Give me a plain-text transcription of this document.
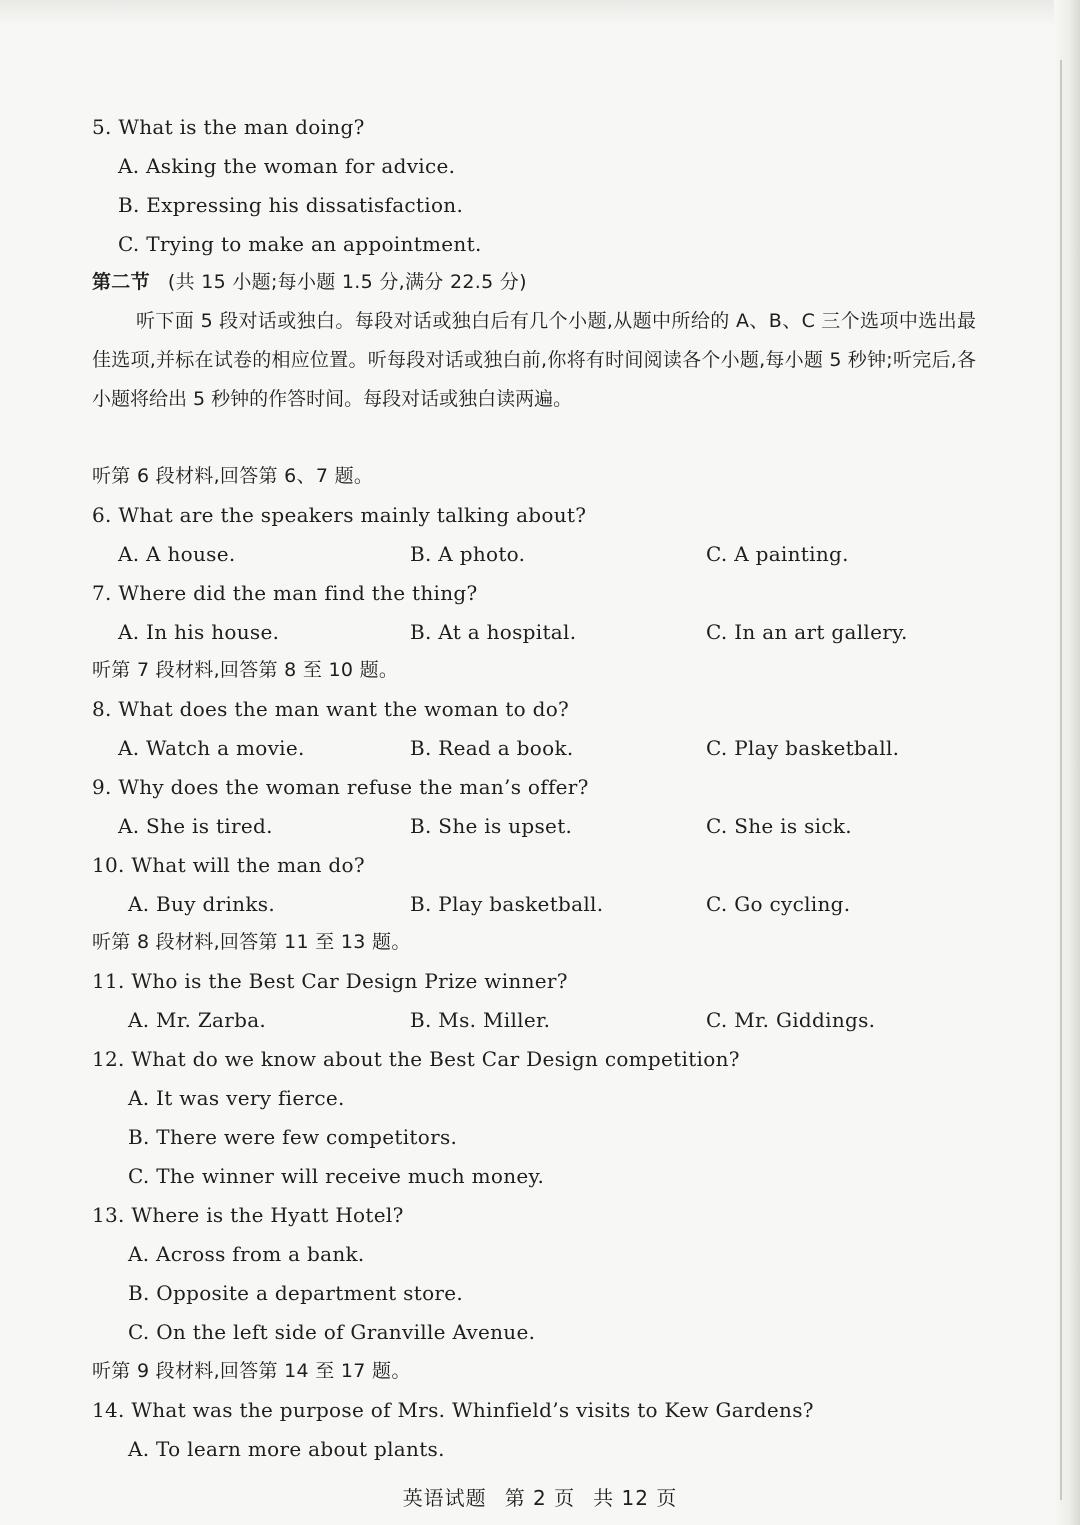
5. What is the man doing?
A. Asking the woman for advice.
B. Expressing his dissatisfaction.
C. Trying to make an appointment.
第二节 (共 15 小题;每小题 1.5 分,满分 22.5 分)
听下面 5 段对话或独白。每段对话或独白后有几个小题,从题中所给的 A、B、C 三个选项中选出最佳选项,并标在试卷的相应位置。听每段对话或独白前,你将有时间阅读各个小题,每小题 5 秒钟;听完后,各小题将给出 5 秒钟的作答时间。每段对话或独白读两遍。
听第 6 段材料,回答第 6、7 题。
6. What are the speakers mainly talking about?
A. A house.	B. A photo.	C. A painting.
7. Where did the man find the thing?
A. In his house.	B. At a hospital.	C. In an art gallery.
听第 7 段材料,回答第 8 至 10 题。
8. What does the man want the woman to do?
A. Watch a movie.	B. Read a book.	C. Play basketball.
9. Why does the woman refuse the man’s offer?
A. She is tired.	B. She is upset.	C. She is sick.
10. What will the man do?
A. Buy drinks.	B. Play basketball.	C. Go cycling.
听第 8 段材料,回答第 11 至 13 题。
11. Who is the Best Car Design Prize winner?
A. Mr. Zarba.	B. Ms. Miller.	C. Mr. Giddings.
12. What do we know about the Best Car Design competition?
A. It was very fierce.
B. There were few competitors.
C. The winner will receive much money.
13. Where is the Hyatt Hotel?
A. Across from a bank.
B. Opposite a department store.
C. On the left side of Granville Avenue.
听第 9 段材料,回答第 14 至 17 题。
14. What was the purpose of Mrs. Whinfield’s visits to Kew Gardens?
A. To learn more about plants.
英语试题 第 2 页 共 12 页
